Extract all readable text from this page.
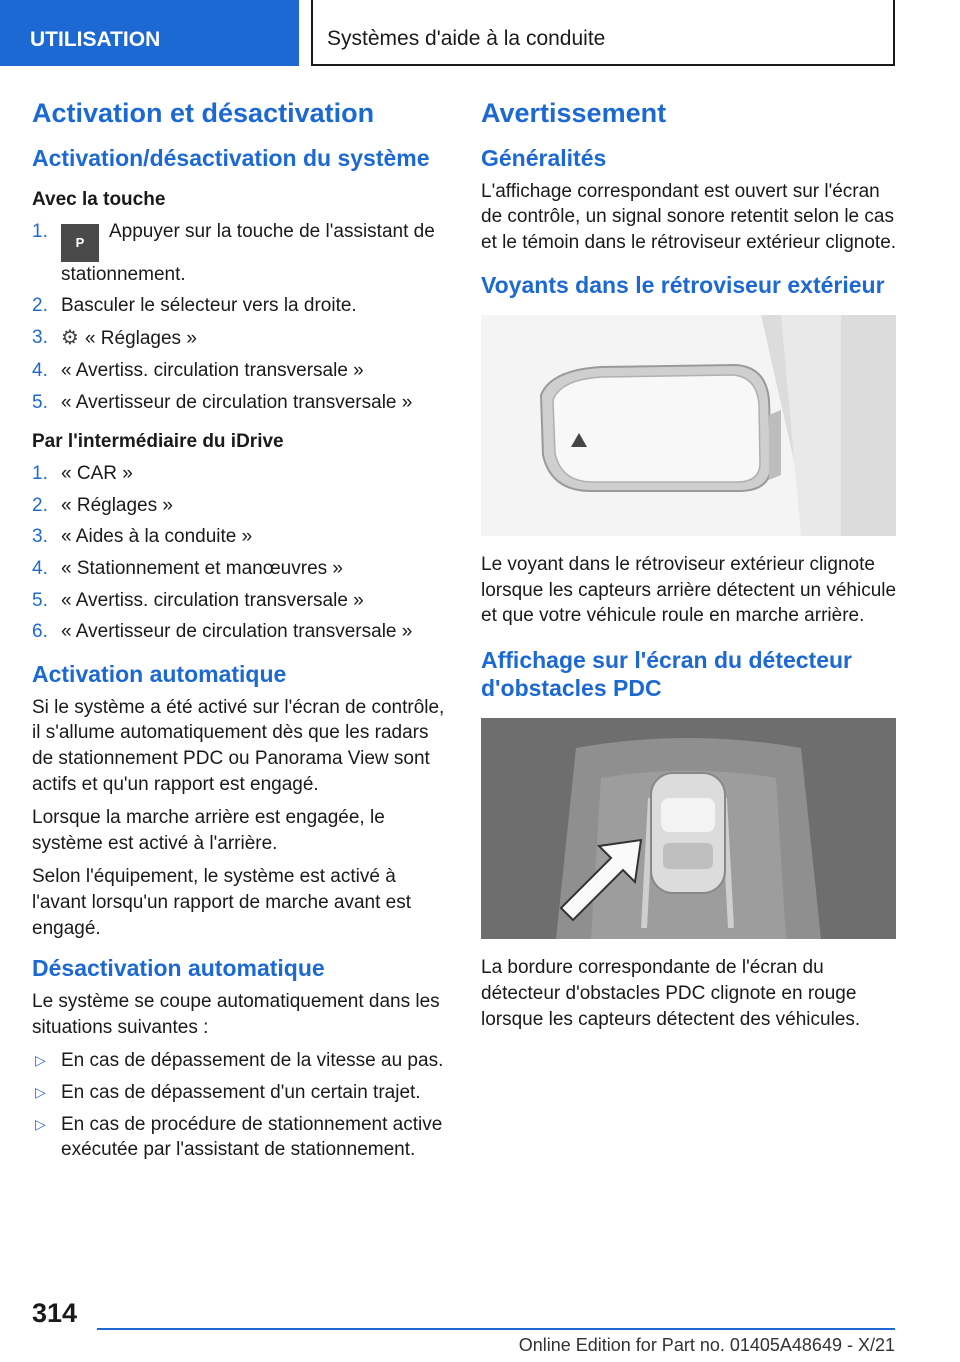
UTILISATION	Systèmes d'aide à la conduite
Activation et désactivation
Activation/désactivation du système
Avec la touche
1.
PAppuyer sur la touche de l'assistant de stationnement.
2. Basculer le sélecteur vers la droite.
3. ⚙ « Réglages »
4. « Avertiss. circulation transversale »
5. « Avertisseur de circulation transversale »
Par l'intermédiaire du iDrive
1. « CAR »
2. « Réglages »
3. « Aides à la conduite »
4. « Stationnement et manœuvres »
5. « Avertiss. circulation transversale »
6. « Avertisseur de circulation transversale »
Activation automatique

Si le système a été activé sur l'écran de contrôle, il s'allume automatiquement dès que les radars de stationnement PDC ou Panorama View sont actifs et qu'un rapport est engagé.

Lorsque la marche arrière est engagée, le système est activé à l'arrière.

Selon l'équipement, le système est activé à l'avant lorsqu'un rapport de marche avant est engagé.

Désactivation automatique

Le système se coupe automatiquement dans les situations suivantes :

▷ En cas de dépassement de la vitesse au pas.
▷ En cas de dépassement d'un certain trajet.
▷ En cas de procédure de stationnement active exécutée par l'assistant de stationnement.
Avertissement
Généralités

L'affichage correspondant est ouvert sur l'écran de contrôle, un signal sonore retentit selon le cas et le témoin dans le rétroviseur extérieur clignote.

Voyants dans le rétroviseur extérieur

Le voyant dans le rétroviseur extérieur clignote lorsque les capteurs arrière détectent un véhicule et que votre véhicule roule en marche arrière.

Affichage sur l'écran du détecteur d'obstacles PDC

La bordure correspondante de l'écran du détecteur d'obstacles PDC clignote en rouge lorsque les capteurs détectent des véhicules.

314
Online Edition for Part no. 01405A48649 - X/21
